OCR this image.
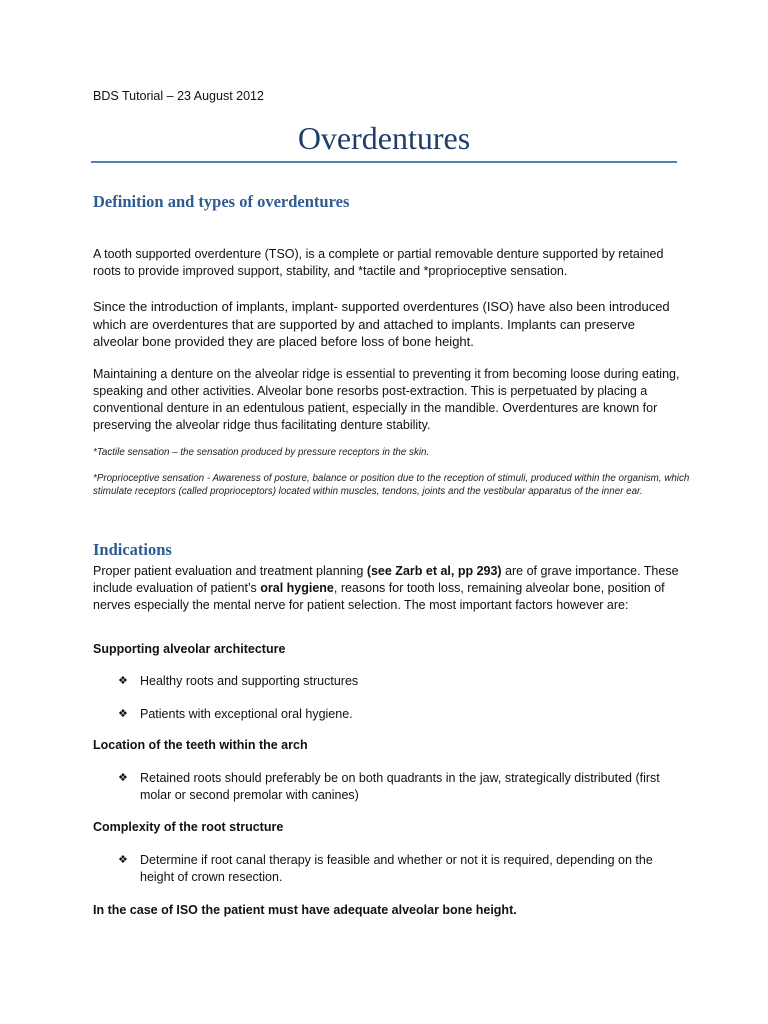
BDS Tutorial – 23 August 2012

Overdentures
Definition and types of overdentures

A tooth supported overdenture (TSO), is a complete or partial removable denture supported by retained roots to provide improved support, stability, and *tactile and *proprioceptive sensation.

Since the introduction of implants, implant- supported overdentures (ISO) have also been introduced which are overdentures that are supported by and attached to implants. Implants can preserve alveolar bone provided they are placed before loss of bone height.

Maintaining a denture on the alveolar ridge is essential to preventing it from becoming loose during eating, speaking and other activities. Alveolar bone resorbs post-extraction. This is perpetuated by placing a conventional denture in an edentulous patient, especially in the mandible. Overdentures are known for preserving the alveolar ridge thus facilitating denture stability.

*Tactile sensation – the sensation produced by pressure receptors in the skin.

*Proprioceptive sensation - Awareness of posture, balance or position due to the reception of stimuli, produced within the organism, which stimulate receptors (called proprioceptors) located within muscles, tendons, joints and the vestibular apparatus of the inner ear.

Indications

Proper patient evaluation and treatment planning (see Zarb et al, pp 293) are of grave importance. These include evaluation of patient’s oral hygiene, reasons for tooth loss, remaining alveolar bone, position of nerves especially the mental nerve for patient selection. The most important factors however are:

Supporting alveolar architecture

❖ Healthy roots and supporting structures
❖ Patients with exceptional oral hygiene.

Location of the teeth within the arch

❖ Retained roots should preferably be on both quadrants in the jaw, strategically distributed (first molar or second premolar with canines)

Complexity of the root structure

❖ Determine if root canal therapy is feasible and whether or not it is required, depending on the height of crown resection.

In the case of ISO the patient must have adequate alveolar bone height.
